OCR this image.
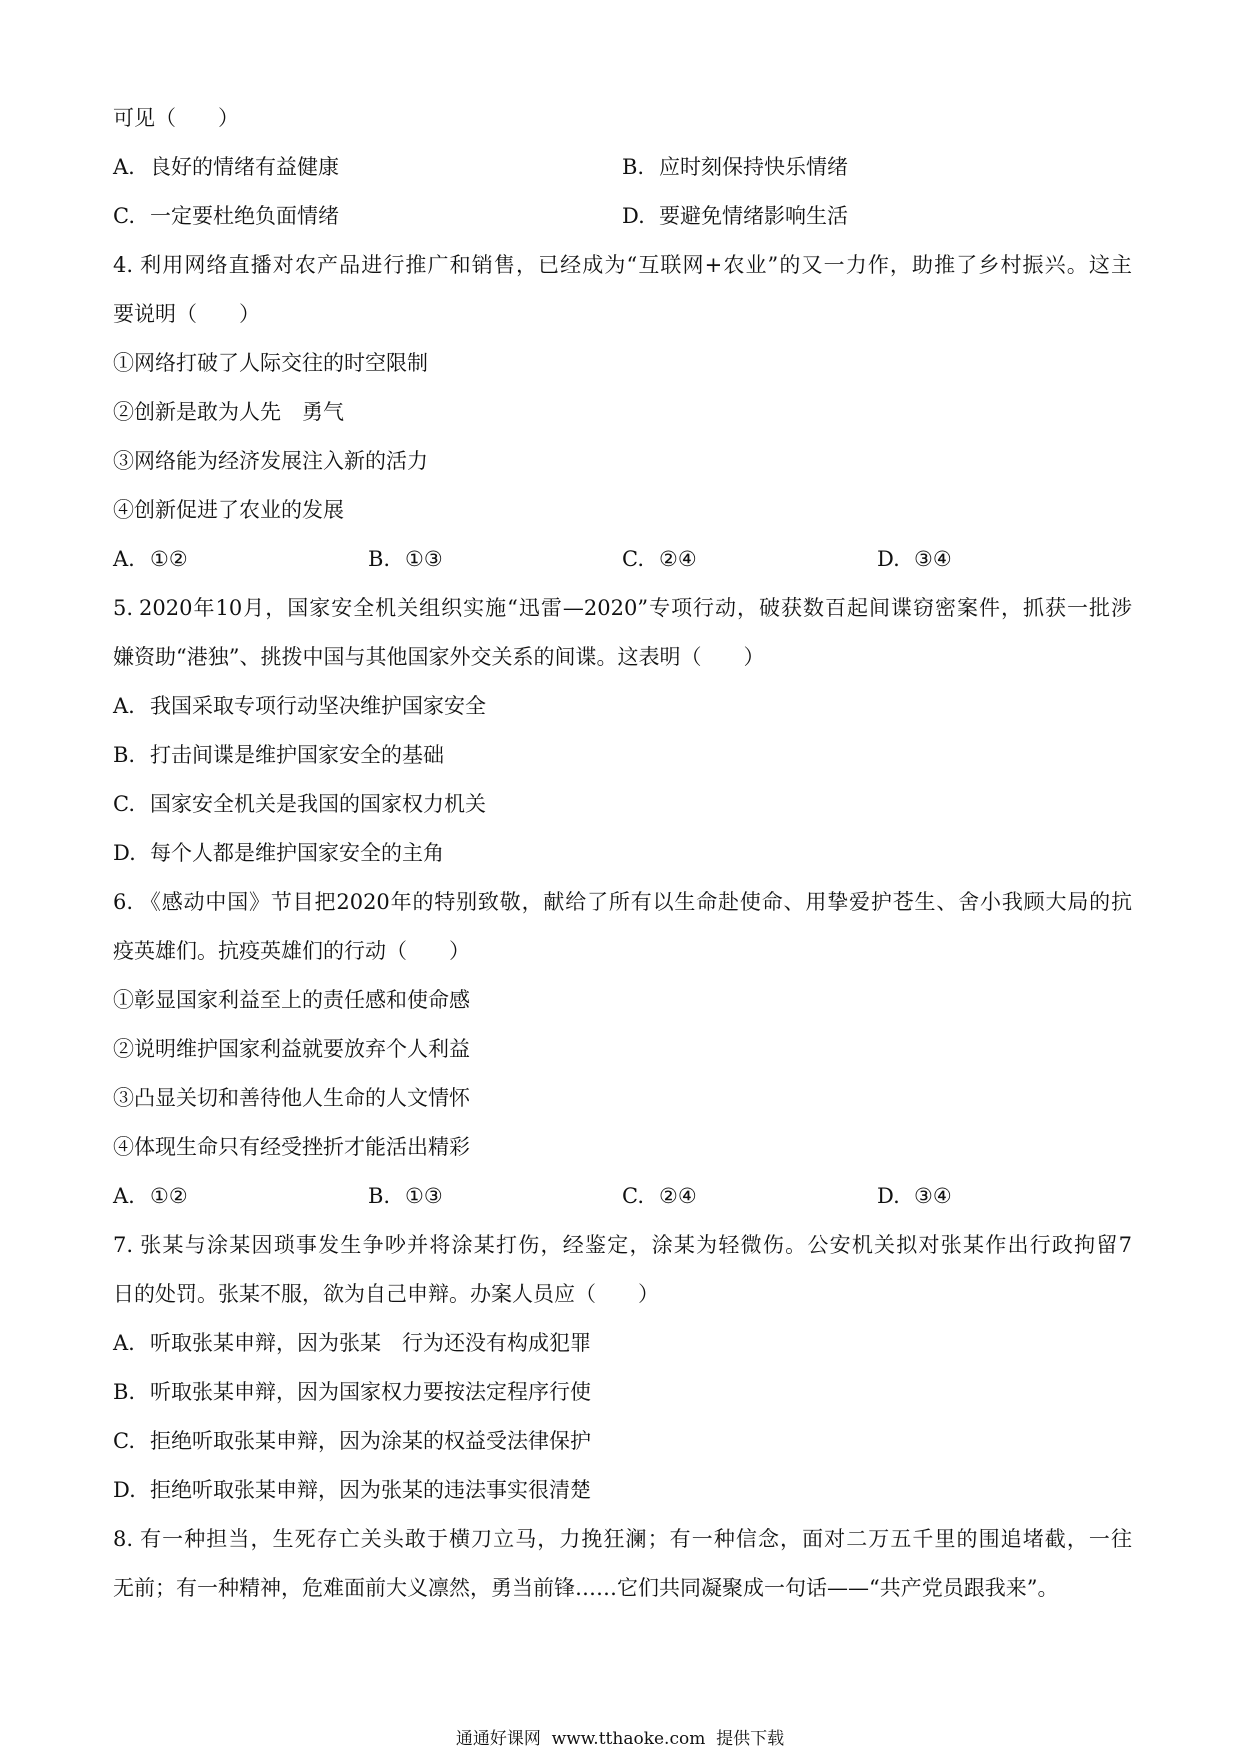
可见（　　）
A. 良好的情绪有益健康	B. 应时刻保持快乐情绪
C. 一定要杜绝负面情绪	D. 要避免情绪影响生活
4. 利用网络直播对农产品进行推广和销售，已经成为“互联网+农业”的又一力作，助推了乡村振兴。这主
要说明（　　）
①网络打破了人际交往的时空限制
②创新是敢为人先　勇气
③网络能为经济发展注入新的活力
④创新促进了农业的发展
A. ①②	B. ①③	C. ②④	D. ③④
5. 2020年10月，国家安全机关组织实施“迅雷—2020”专项行动，破获数百起间谍窃密案件，抓获一批涉
嫌资助“港独”、挑拨中国与其他国家外交关系的间谍。这表明（　　）
A. 我国采取专项行动坚决维护国家安全
B. 打击间谍是维护国家安全的基础
C. 国家安全机关是我国的国家权力机关
D. 每个人都是维护国家安全的主角
6. 《感动中国》节目把2020年的特别致敬，献给了所有以生命赴使命、用挚爱护苍生、舍小我顾大局的抗
疫英雄们。抗疫英雄们的行动（　　）
①彰显国家利益至上的责任感和使命感
②说明维护国家利益就要放弃个人利益
③凸显关切和善待他人生命的人文情怀
④体现生命只有经受挫折才能活出精彩
A. ①②	B. ①③	C. ②④	D. ③④
7. 张某与涂某因琐事发生争吵并将涂某打伤，经鉴定，涂某为轻微伤。公安机关拟对张某作出行政拘留7
日的处罚。张某不服，欲为自己申辩。办案人员应（　　）
A. 听取张某申辩，因为张某　行为还没有构成犯罪
B. 听取张某申辩，因为国家权力要按法定程序行使
C. 拒绝听取张某申辩，因为涂某的权益受法律保护
D. 拒绝听取张某申辩，因为张某的违法事实很清楚
8. 有一种担当，生死存亡关头敢于横刀立马，力挽狂澜；有一种信念，面对二万五千里的围追堵截，一往
无前；有一种精神，危难面前大义凛然，勇当前锋……它们共同凝聚成一句话——“共产党员跟我来”。
通通好课网  www.tthaoke.com  提供下载
